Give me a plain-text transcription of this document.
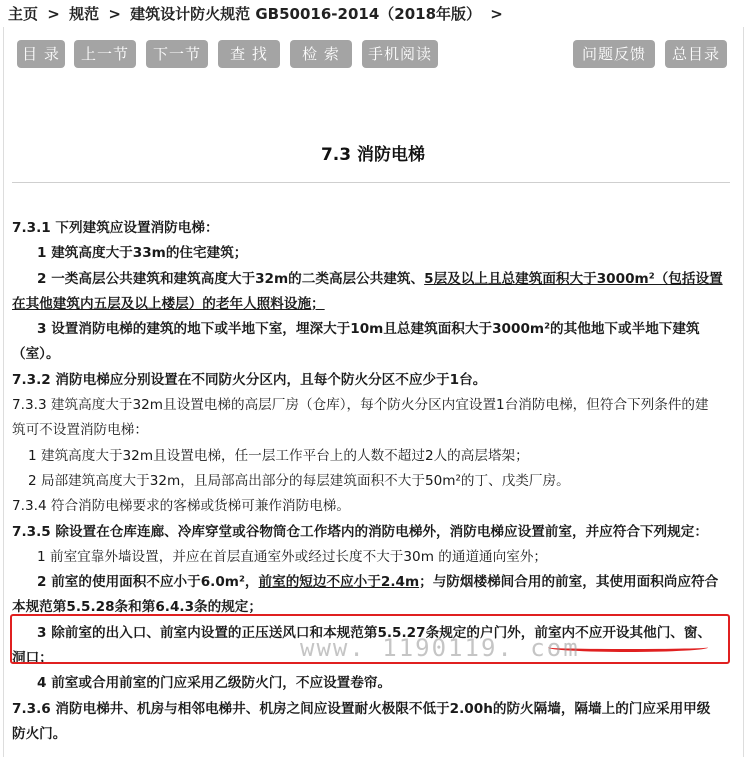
主页 > 规范 > 建筑设计防火规范 GB50016-2014（2018年版） >
目 录	上一节	下一节	查 找	检 索	手机阅读	问题反馈	总目录
7.3 消防电梯

7.3.1 下列建筑应设置消防电梯：

1 建筑高度大于33m的住宅建筑；

2 一类高层公共建筑和建筑高度大于32m的二类高层公共建筑、5层及以上且总建筑面积大于3000m²（包括设置

在其他建筑内五层及以上楼层）的老年人照料设施；

3 设置消防电梯的建筑的地下或半地下室，埋深大于10m且总建筑面积大于3000m²的其他地下或半地下建筑

（室）。

7.3.2 消防电梯应分别设置在不同防火分区内，且每个防火分区不应少于1台。

7.3.3 建筑高度大于32m且设置电梯的高层厂房（仓库），每个防火分区内宜设置1台消防电梯，但符合下列条件的建

筑可不设置消防电梯：

1 建筑高度大于32m且设置电梯，任一层工作平台上的人数不超过2人的高层塔架；

2 局部建筑高度大于32m，且局部高出部分的每层建筑面积不大于50m²的丁、戊类厂房。

7.3.4 符合消防电梯要求的客梯或货梯可兼作消防电梯。

7.3.5 除设置在仓库连廊、冷库穿堂或谷物筒仓工作塔内的消防电梯外，消防电梯应设置前室，并应符合下列规定：

1 前室宜靠外墙设置，并应在首层直通室外或经过长度不大于30m 的通道通向室外；

2 前室的使用面积不应小于6.0m²，前室的短边不应小于2.4m；与防烟楼梯间合用的前室，其使用面积尚应符合

本规范第5.5.28条和第6.4.3条的规定；

3 除前室的出入口、前室内设置的正压送风口和本规范第5.5.27条规定的户门外，前室内不应开设其他门、窗、

洞口；

4 前室或合用前室的门应采用乙级防火门，不应设置卷帘。

7.3.6 消防电梯井、机房与相邻电梯井、机房之间应设置耐火极限不低于2.00h的防火隔墙，隔墙上的门应采用甲级

防火门。

www. 1190119. com
